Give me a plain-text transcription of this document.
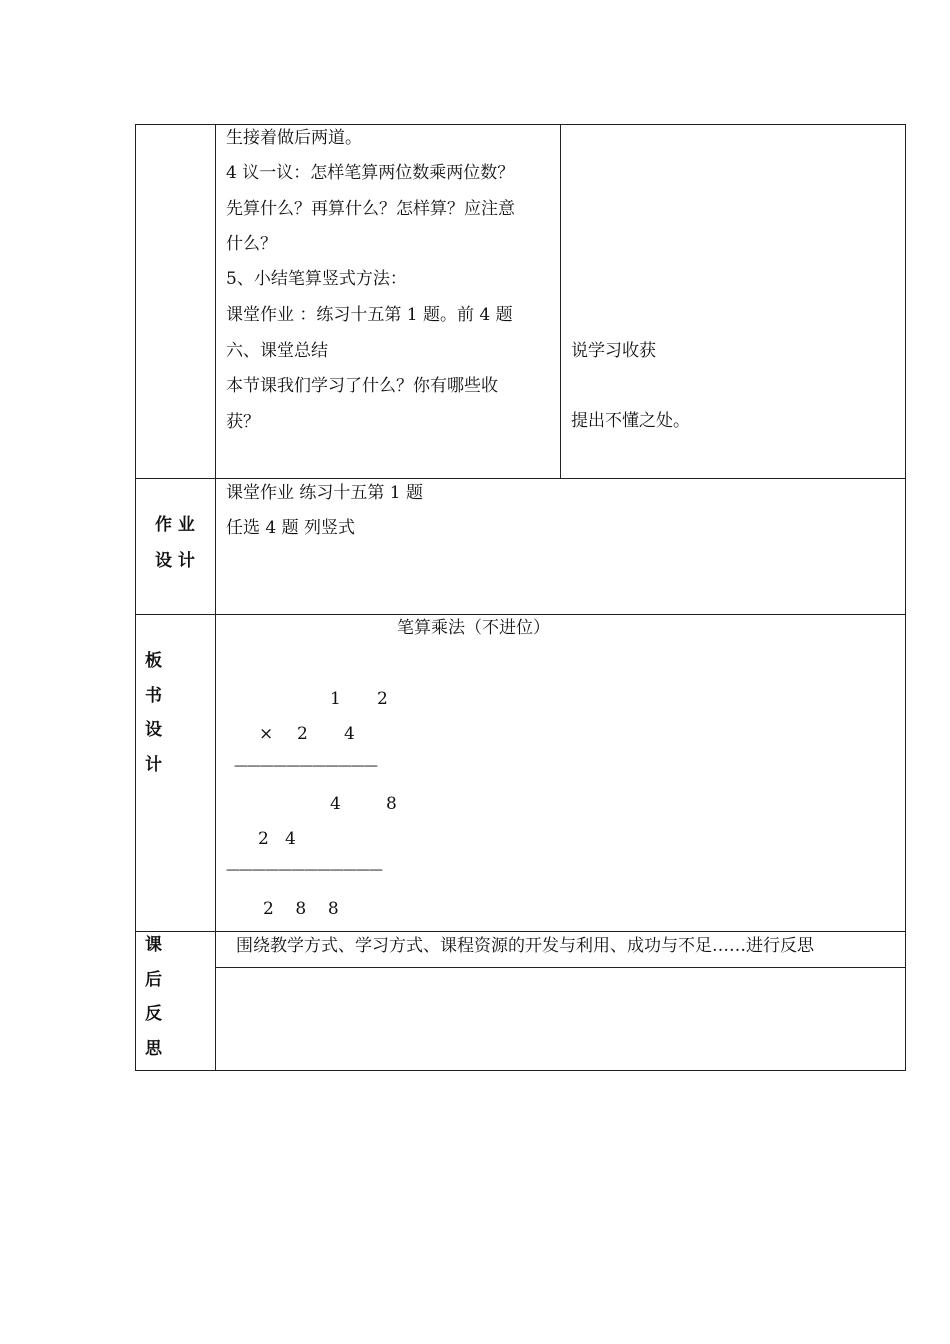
生接着做后两道。
4 议一议：怎样笔算两位数乘两位数？
先算什么？再算什么？怎样算？应注意
什么？
5、小结笔算竖式方法：
课堂作业 ：练习十五第 1 题。前 4 题
六、课堂总结
本节课我们学习了什么？你有哪些收
获？
说学习收获
提出不懂之处。
作 业
设 计
课堂作业 练习十五第 1 题
任选 4 题 列竖式
板
书
设
计
笔算乘法（不进位）
1 2
× 2 4
———————————
4	8
2   4
————————————
2    8    8
课
后
反
思
围绕教学方式、学习方式、课程资源的开发与利用、成功与不足……进行反思
